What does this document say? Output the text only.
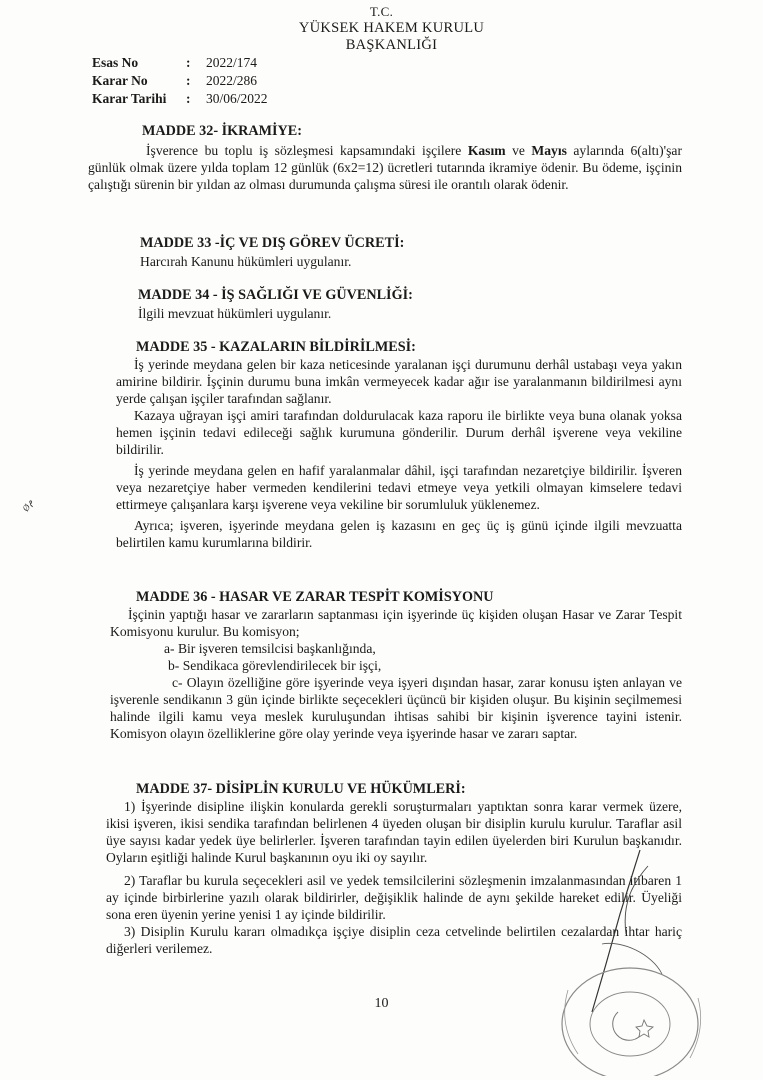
T.C.
YÜKSEK HAKEM KURULU
BAŞKANLIĞI
Esas No	:	2022/174
Karar No	:	2022/286
Karar Tarihi	:	30/06/2022

MADDE 32- İKRAMİYE:

İşverence bu toplu iş sözleşmesi kapsamındaki işçilere Kasım ve Mayıs aylarında 6(altı)'şar günlük olmak üzere yılda toplam 12 günlük (6x2=12) ücretleri tutarında ikramiye ödenir. Bu ödeme, işçinin çalıştığı sürenin bir yıldan az olması durumunda çalışma süresi ile orantılı olarak ödenir.

MADDE 33 -İÇ VE DIŞ GÖREV ÜCRETİ:

Harcırah Kanunu hükümleri uygulanır.

MADDE 34 - İŞ SAĞLIĞI VE GÜVENLİĞİ:

İlgili mevzuat hükümleri uygulanır.

MADDE 35 - KAZALARIN BİLDİRİLMESİ:

İş yerinde meydana gelen bir kaza neticesinde yaralanan işçi durumunu derhâl ustabaşı veya yakın amirine bildirir. İşçinin durumu buna imkân vermeyecek kadar ağır ise yaralanmanın bildirilmesi aynı yerde çalışan işçiler tarafından sağlanır.

Kazaya uğrayan işçi amiri tarafından doldurulacak kaza raporu ile birlikte veya buna olanak yoksa hemen işçinin tedavi edileceği sağlık kurumuna gönderilir. Durum derhâl işverene veya vekiline bildirilir.

İş yerinde meydana gelen en hafif yaralanmalar dâhil, işçi tarafından nezaretçiye bildirilir. İşveren veya nezaretçiye haber vermeden kendilerini tedavi etmeye veya yetkili olmayan kimselere tedavi ettirmeye çalışanlara karşı işverene veya vekiline bir sorumluluk yüklenemez.

Ayrıca; işveren, işyerinde meydana gelen iş kazasını en geç üç iş günü içinde ilgili mevzuatta belirtilen kamu kurumlarına bildirir.

MADDE 36 - HASAR VE ZARAR TESPİT KOMİSYONU

İşçinin yaptığı hasar ve zararların saptanması için işyerinde üç kişiden oluşan Hasar ve Zarar Tespit Komisyonu kurulur. Bu komisyon;

a- Bir işveren temsilcisi başkanlığında,

b- Sendikaca görevlendirilecek bir işçi,

c- Olayın özelliğine göre işyerinde veya işyeri dışından hasar, zarar konusu işten anlayan ve işverenle sendikanın 3 gün içinde birlikte seçecekleri üçüncü bir kişiden oluşur. Bu kişinin seçilmemesi halinde ilgili kamu veya meslek kuruluşundan ihtisas sahibi bir kişinin işverence tayini istenir. Komisyon olayın özelliklerine göre olay yerinde veya işyerinde hasar ve zararı saptar.

MADDE 37- DİSİPLİN KURULU VE HÜKÜMLERİ:

1) İşyerinde disipline ilişkin konularda gerekli soruşturmaları yaptıktan sonra karar vermek üzere, ikisi işveren, ikisi sendika tarafından belirlenen 4 üyeden oluşan bir disiplin kurulu kurulur. Taraflar asil üye sayısı kadar yedek üye belirlerler. İşveren tarafından tayin edilen üyelerden biri Kurulun başkanıdır. Oyların eşitliği halinde Kurul başkanının oyu iki oy sayılır.

2) Taraflar bu kurula seçecekleri asil ve yedek temsilcilerini sözleşmenin imzalanmasından itibaren 1 ay içinde birbirlerine yazılı olarak bildirirler, değişiklik halinde de aynı şekilde hareket edilir. Üyeliği sona eren üyenin yerine yenisi 1 ay içinde bildirilir.

3) Disiplin Kurulu kararı olmadıkça işçiye disiplin ceza cetvelinde belirtilen cezalardan ihtar hariç diğerleri verilemez.

Øم
10
